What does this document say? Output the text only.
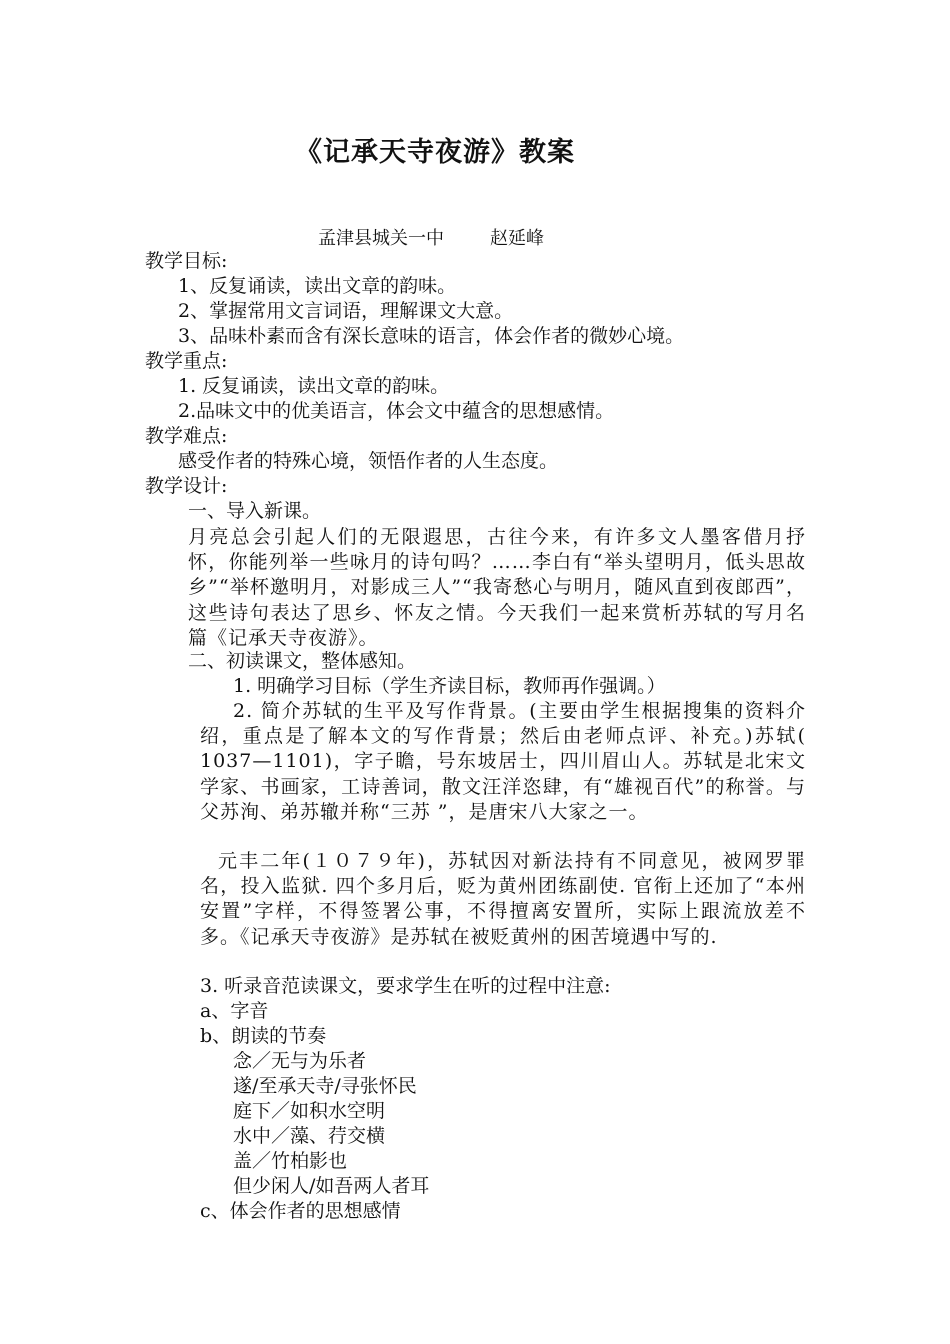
《记承天寺夜游》教案
孟津县城关一中	赵延峰
教学目标:
1、反复诵读，读出文章的韵味。
2、掌握常用文言词语，理解课文大意。
3、品味朴素而含有深长意味的语言，体会作者的微妙心境。
教学重点:
1. 反复诵读，读出文章的韵味。
2.品味文中的优美语言，体会文中蕴含的思想感情。
教学难点:
感受作者的特殊心境，领悟作者的人生态度。
教学设计:
一、导入新课。
月亮总会引起人们的无限遐思，古往今来，有许多文人墨客借月抒怀，你能列举一些咏月的诗句吗？……李白有“举头望明月，低头思故乡”“举杯邀明月，对影成三人”“我寄愁心与明月，随风直到夜郎西”，这些诗句表达了思乡、怀友之情。今天我们一起来赏析苏轼的写月名篇《记承天寺夜游》。
二、初读课文，整体感知。
1. 明确学习目标（学生齐读目标，教师再作强调。）
2. 简介苏轼的生平及写作背景。(主要由学生根据搜集的资料介绍，重点是了解本文的写作背景；然后由老师点评、补充。)苏轼( 1037—1101)，字子瞻，号东坡居士，四川眉山人。苏轼是北宋文学家、书画家，工诗善词，散文汪洋恣肆，有“雄视百代”的称誉。与父苏洵、弟苏辙并称“三苏 ”，是唐宋八大家之一。
元丰二年(１０７９年)，苏轼因对新法持有不同意见，被网罗罪名，投入监狱. 四个多月后，贬为黄州团练副使. 官衔上还加了“本州安置”字样，不得签署公事，不得擅离安置所，实际上跟流放差不多。《记承天寺夜游》是苏轼在被贬黄州的困苦境遇中写的.
3. 听录音范读课文，要求学生在听的过程中注意:
a、字音
b、朗读的节奏
念／无与为乐者
遂/至承天寺/寻张怀民
庭下／如积水空明
水中／藻、荇交横
盖／竹柏影也
但少闲人/如吾两人者耳
c、体会作者的思想感情
